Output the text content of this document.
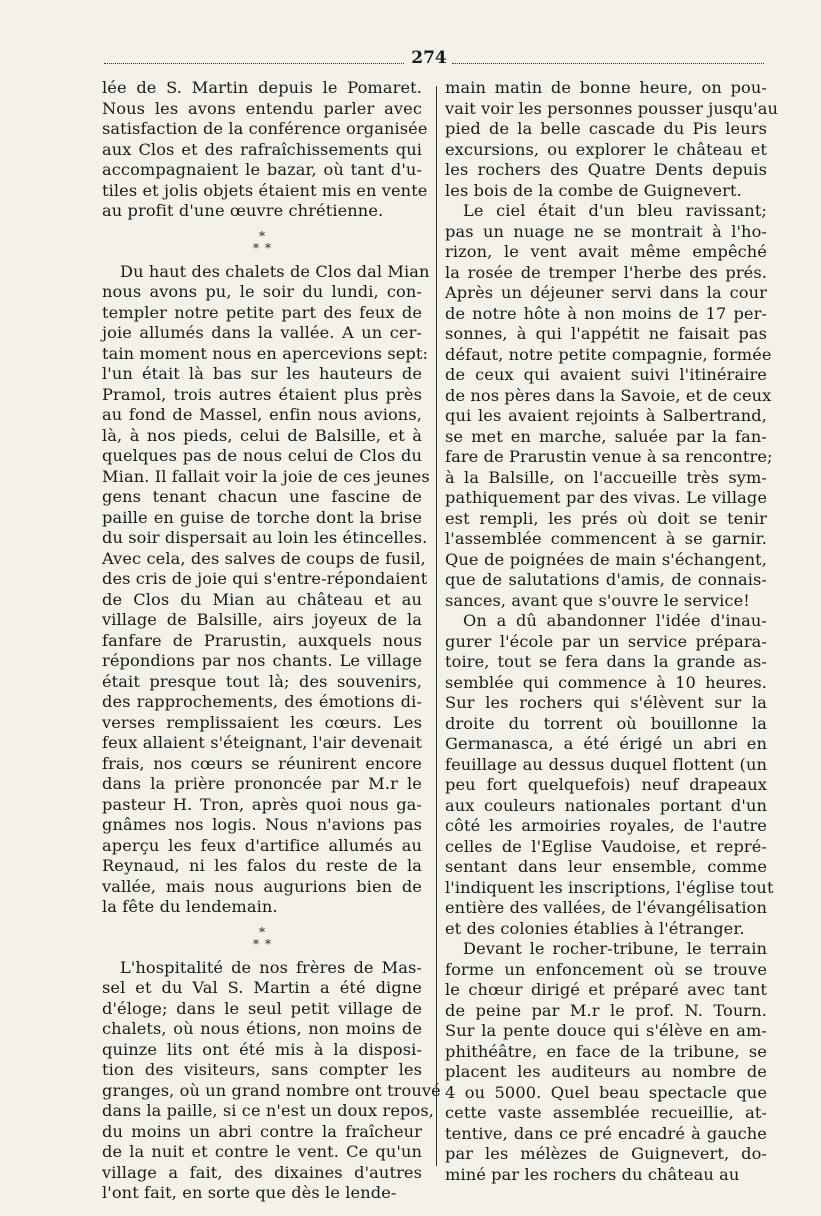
274
lée de S. Martin depuis le Pomaret.
Nous les avons entendu parler avec
satisfaction de la conférence organisée
aux Clos et des rafraîchissements qui
accompagnaient le bazar, où tant d'u-
tiles et jolis objets étaient mis en vente
au profit d'une œuvre chrétienne.
*
**
Du haut des chalets de Clos dal Mian
nous avons pu, le soir du lundi, con-
templer notre petite part des feux de
joie allumés dans la vallée. A un cer-
tain moment nous en apercevions sept:
l'un était là bas sur les hauteurs de
Pramol, trois autres étaient plus près
au fond de Massel, enfin nous avions,
là, à nos pieds, celui de Balsille, et à
quelques pas de nous celui de Clos du
Mian. Il fallait voir la joie de ces jeunes
gens tenant chacun une fascine de
paille en guise de torche dont la brise
du soir dispersait au loin les étincelles.
Avec cela, des salves de coups de fusil,
des cris de joie qui s'entre-répondaient
de Clos du Mian au château et au
village de Balsille, airs joyeux de la
fanfare de Prarustin, auxquels nous
répondions par nos chants. Le village
était presque tout là; des souvenirs,
des rapprochements, des émotions di-
verses remplissaient les cœurs. Les
feux allaient s'éteignant, l'air devenait
frais, nos cœurs se réunirent encore
dans la prière prononcée par M.r le
pasteur H. Tron, après quoi nous ga-
gnâmes nos logis. Nous n'avions pas
aperçu les feux d'artifice allumés au
Reynaud, ni les falos du reste de la
vallée, mais nous augurions bien de
la fête du lendemain.
*
**
L'hospitalité de nos frères de Mas-
sel et du Val S. Martin a été digne
d'éloge; dans le seul petit village de
chalets, où nous étions, non moins de
quinze lits ont été mis à la disposi-
tion des visiteurs, sans compter les
granges, où un grand nombre ont trouvé
dans la paille, si ce n'est un doux repos,
du moins un abri contre la fraîcheur
de la nuit et contre le vent. Ce qu'un
village a fait, des dixaines d'autres
l'ont fait, en sorte que dès le lende-
main matin de bonne heure, on pou-
vait voir les personnes pousser jusqu'au
pied de la belle cascade du Pis leurs
excursions, ou explorer le château et
les rochers des Quatre Dents depuis
les bois de la combe de Guignevert.
Le ciel était d'un bleu ravissant;
pas un nuage ne se montrait à l'ho-
rizon, le vent avait même empêché
la rosée de tremper l'herbe des prés.
Après un déjeuner servi dans la cour
de notre hôte à non moins de 17 per-
sonnes, à qui l'appétit ne faisait pas
défaut, notre petite compagnie, formée
de ceux qui avaient suivi l'itinéraire
de nos pères dans la Savoie, et de ceux
qui les avaient rejoints à Salbertrand,
se met en marche, saluée par la fan-
fare de Prarustin venue à sa rencontre;
à la Balsille, on l'accueille très sym-
pathiquement par des vivas. Le village
est rempli, les prés où doit se tenir
l'assemblée commencent à se garnir.
Que de poignées de main s'échangent,
que de salutations d'amis, de connais-
sances, avant que s'ouvre le service!
On a dû abandonner l'idée d'inau-
gurer l'école par un service prépara-
toire, tout se fera dans la grande as-
semblée qui commence à 10 heures.
Sur les rochers qui s'élèvent sur la
droite du torrent où bouillonne la
Germanasca, a été érigé un abri en
feuillage au dessus duquel flottent (un
peu fort quelquefois) neuf drapeaux
aux couleurs nationales portant d'un
côté les armoiries royales, de l'autre
celles de l'Eglise Vaudoise, et repré-
sentant dans leur ensemble, comme
l'indiquent les inscriptions, l'église tout
entière des vallées, de l'évangélisation
et des colonies établies à l'étranger.
Devant le rocher-tribune, le terrain
forme un enfoncement où se trouve
le chœur dirigé et préparé avec tant
de peine par M.r le prof. N. Tourn.
Sur la pente douce qui s'élève en am-
phithéâtre, en face de la tribune, se
placent les auditeurs au nombre de
4 ou 5000. Quel beau spectacle que
cette vaste assemblée recueillie, at-
tentive, dans ce pré encadré à gauche
par les mélèzes de Guignevert, do-
miné par les rochers du château au
